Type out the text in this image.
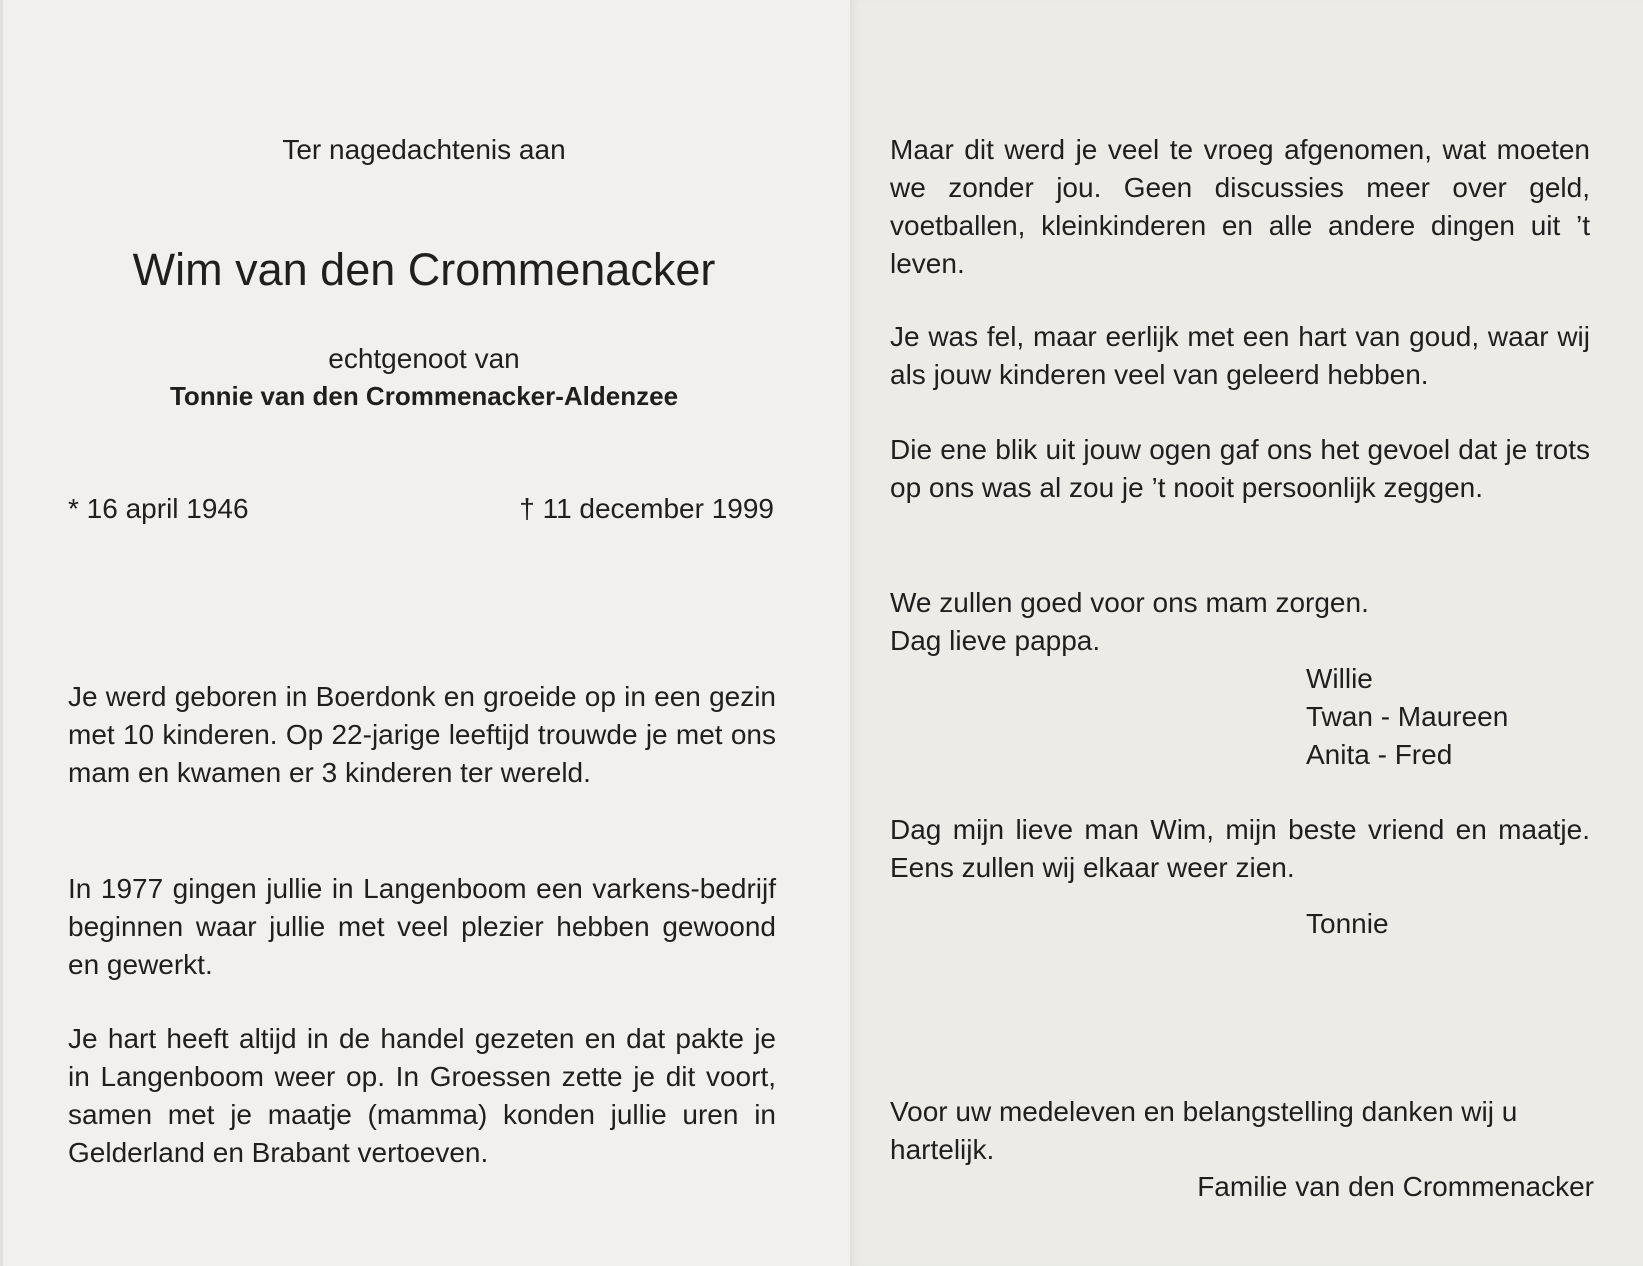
Ter nagedachtenis aan

Wim van den Crommenacker

echtgenoot van

Tonnie van den Crommenacker-Aldenzee

* 16 april 1946	† 11 december 1999

Je werd geboren in Boerdonk en groeide op in een gezin met 10 kinderen. Op 22-jarige leeftijd trouwde je met ons mam en kwamen er 3 kinderen ter wereld.

In 1977 gingen jullie in Langenboom een varkens-bedrijf beginnen waar jullie met veel plezier hebben gewoond en gewerkt.

Je hart heeft altijd in de handel gezeten en dat pakte je in Langenboom weer op. In Groessen zette je dit voort, samen met je maatje (mamma) konden jullie uren in Gelderland en Brabant vertoeven.

Maar dit werd je veel te vroeg afgenomen, wat moeten we zonder jou. Geen discussies meer over geld, voetballen, kleinkinderen en alle andere dingen uit ’t leven.

Je was fel, maar eerlijk met een hart van goud, waar wij als jouw kinderen veel van geleerd hebben.

Die ene blik uit jouw ogen gaf ons het gevoel dat je trots op ons was al zou je ’t nooit persoonlijk zeggen.

We zullen goed voor ons mam zorgen.
Dag lieve pappa.
Willie
Twan - Maureen
Anita - Fred

Dag mijn lieve man Wim, mijn beste vriend en maatje. Eens zullen wij elkaar weer zien.

Tonnie

Voor uw medeleven en belangstelling danken wij u hartelijk.

Familie van den Crommenacker
